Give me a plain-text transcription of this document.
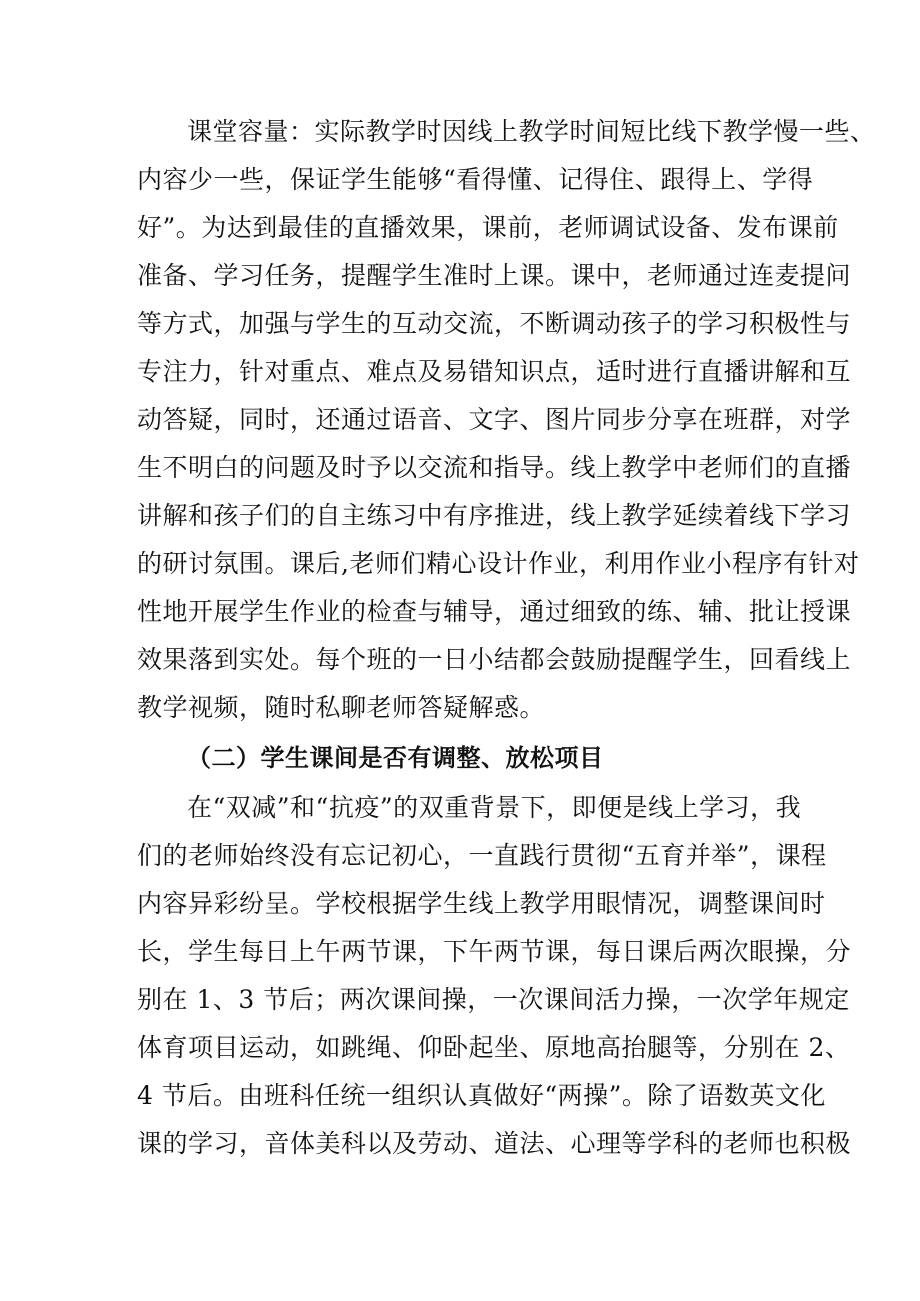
课堂容量：实际教学时因线上教学时间短比线下教学慢一些、
内容少一些，保证学生能够“看得懂、记得住、跟得上、学得
好”。为达到最佳的直播效果，课前，老师调试设备、发布课前
准备、学习任务，提醒学生准时上课。课中，老师通过连麦提问
等方式，加强与学生的互动交流，不断调动孩子的学习积极性与
专注力，针对重点、难点及易错知识点，适时进行直播讲解和互
动答疑，同时，还通过语音、文字、图片同步分享在班群，对学
生不明白的问题及时予以交流和指导。线上教学中老师们的直播
讲解和孩子们的自主练习中有序推进，线上教学延续着线下学习
的研讨氛围。课后,老师们精心设计作业，利用作业小程序有针对
性地开展学生作业的检查与辅导，通过细致的练、辅、批让授课
效果落到实处。每个班的一日小结都会鼓励提醒学生，回看线上
教学视频，随时私聊老师答疑解惑。
（二）学生课间是否有调整、放松项目
在“双减”和“抗疫”的双重背景下，即便是线上学习，我
们的老师始终没有忘记初心，一直践行贯彻“五育并举”，课程
内容异彩纷呈。学校根据学生线上教学用眼情况，调整课间时
长，学生每日上午两节课，下午两节课，每日课后两次眼操，分
别在 1、3 节后；两次课间操，一次课间活力操，一次学年规定
体育项目运动，如跳绳、仰卧起坐、原地高抬腿等，分别在 2、
4 节后。由班科任统一组织认真做好“两操”。除了语数英文化
课的学习，音体美科以及劳动、道法、心理等学科的老师也积极
